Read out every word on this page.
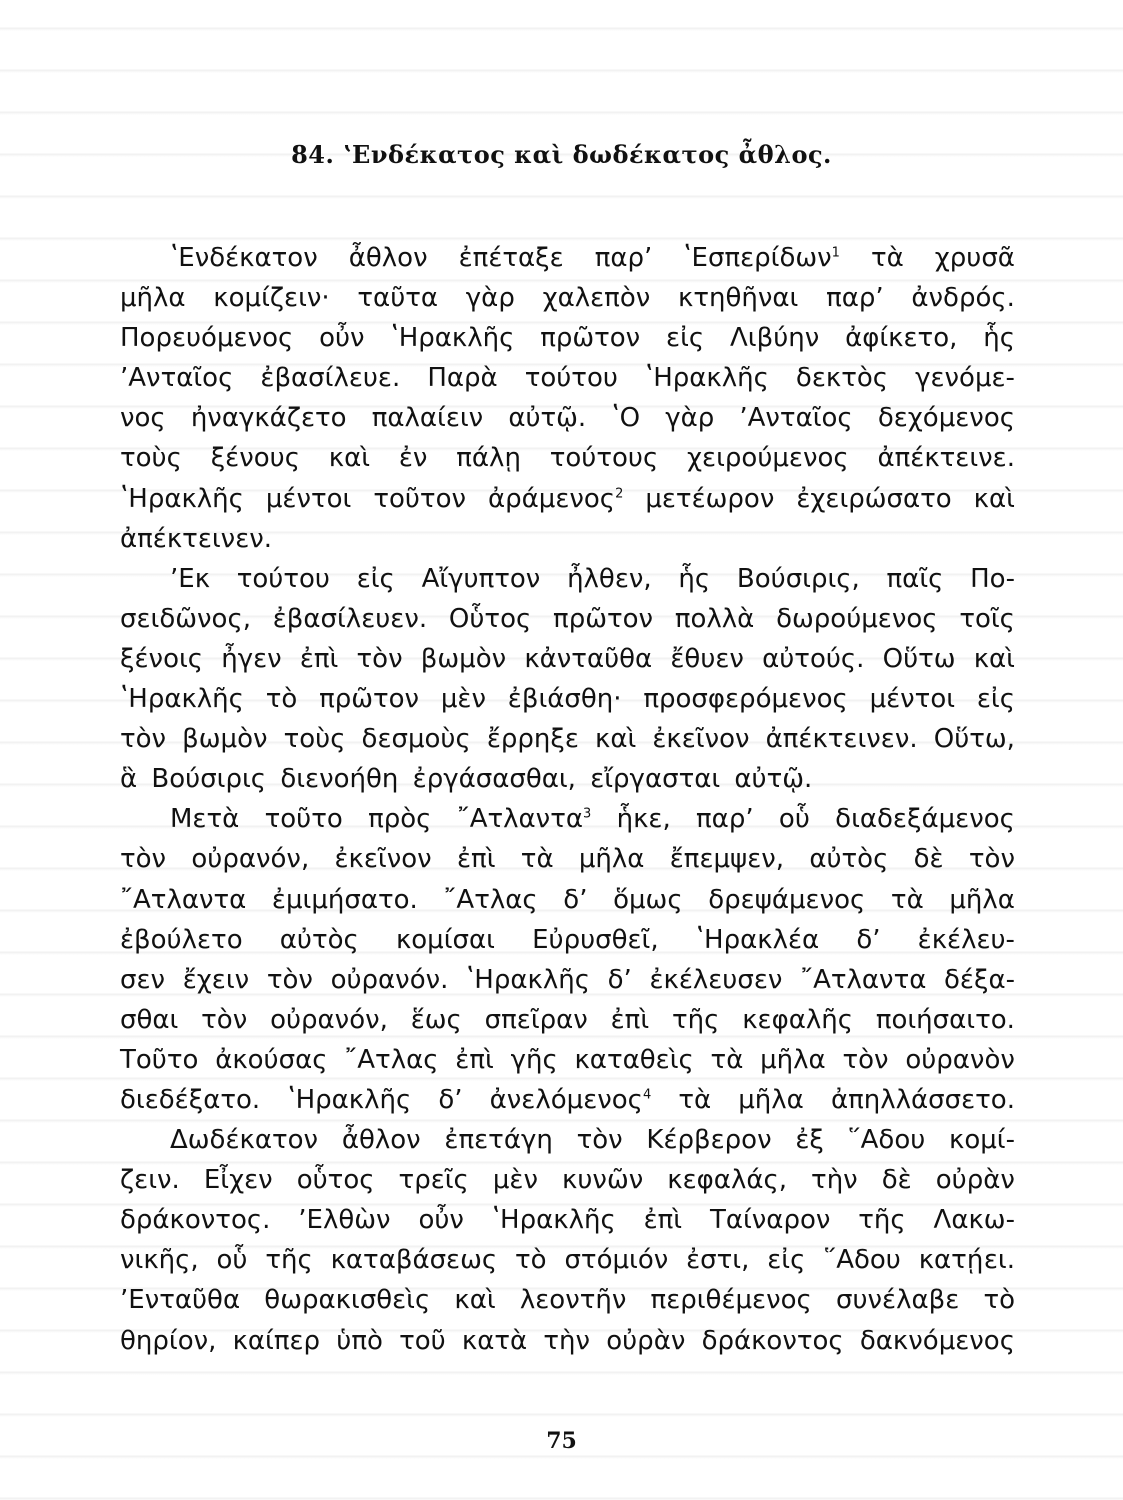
84. ʽΕνδέκατος καὶ δωδέκατος ἆθλος.
ʽΕνδέκατον ἆθλον ἐπέταξε παρʼ ʽΕσπερίδων$^1$ τὰ χρυσᾶ
μῆλα κομίζειν· ταῦτα γὰρ χαλεπὸν κτηθῆναι παρʼ ἀνδρός.
Πορευόμενος οὖν ʽΗρακλῆς πρῶτον εἰς Λιβύην ἀφίκετο, ἧς
ʼΑνταῖος ἐβασίλευε. Παρὰ τούτου ʽΗρακλῆς δεκτὸς γενόμε-
νος ἠναγκάζετο παλαίειν αὐτῷ. ʽΟ γὰρ ʼΑνταῖος δεχόμενος
τοὺς ξένους καὶ ἐν πάλῃ τούτους χειρούμενος ἀπέκτεινε.
ʽΗρακλῆς μέντοι τοῦτον ἀράμενος$^2$ μετέωρον ἐχειρώσατο καὶ
ἀπέκτεινεν.
ʼΕκ τούτου εἰς Αἴγυπτον ἦλθεν, ἧς Βούσιρις, παῖς Πο-
σειδῶνος, ἐβασίλευεν. Οὗτος πρῶτον πολλὰ δωρούμενος τοῖς
ξένοις ἦγεν ἐπὶ τὸν βωμὸν κἀνταῦθα ἔθυεν αὐτούς. Οὕτω καὶ
ʽΗρακλῆς τὸ πρῶτον μὲν ἐβιάσθη· προσφερόμενος μέντοι εἰς
τὸν βωμὸν τοὺς δεσμοὺς ἔρρηξε καὶ ἐκεῖνον ἀπέκτεινεν. Οὕτω,
ἃ
Βούσιρις
διενοήθη
ἐργάσασθαι,
εἴργασται
αὐτῷ.
Μετὰ τοῦτο πρὸς ῎Ατλαντα$^3$ ἧκε, παρʼ οὗ διαδεξάμενος
τὸν οὐρανόν, ἐκεῖνον ἐπὶ τὰ μῆλα ἔπεμψεν, αὐτὸς δὲ τὸν
῎Ατλαντα ἐμιμήσατο. ῎Ατλας δʼ ὅμως δρεψάμενος τὰ μῆλα
ἐβούλετο αὐτὸς κομίσαι Εὐρυσθεῖ, ʽΗρακλέα δʼ ἐκέλευ-
σεν ἔχειν τὸν οὐρανόν. ʽΗρακλῆς δʼ ἐκέλευσεν ῎Ατλαντα δέξα-
σθαι τὸν οὐρανόν, ἕως σπεῖραν ἐπὶ τῆς κεφαλῆς ποιήσαιτο.
Τοῦτο ἀκούσας ῎Ατλας ἐπὶ γῆς καταθεὶς τὰ μῆλα τὸν οὐρανὸν
διεδέξατο. ʽΗρακλῆς δʼ ἀνελόμενος$^4$ τὰ μῆλα ἀπηλλάσσετο.
Δωδέκατον ἆθλον ἐπετάγη τὸν Κέρβερον ἐξ ῞Αδου κομί-
ζειν. Εἶχεν οὗτος τρεῖς μὲν κυνῶν κεφαλάς, τὴν δὲ οὐρὰν
δράκοντος. ʼΕλθὼν οὖν ʽΗρακλῆς ἐπὶ Ταίναρον τῆς Λακω-
νικῆς, οὗ τῆς καταβάσεως τὸ στόμιόν ἐστι, εἰς ῞Αδου κατῄει.
ʼΕνταῦθα θωρακισθεὶς καὶ λεοντῆν περιθέμενος συνέλαβε τὸ
θηρίον, καίπερ ὑπὸ τοῦ κατὰ τὴν οὐρὰν δράκοντος δακνόμενος
75
